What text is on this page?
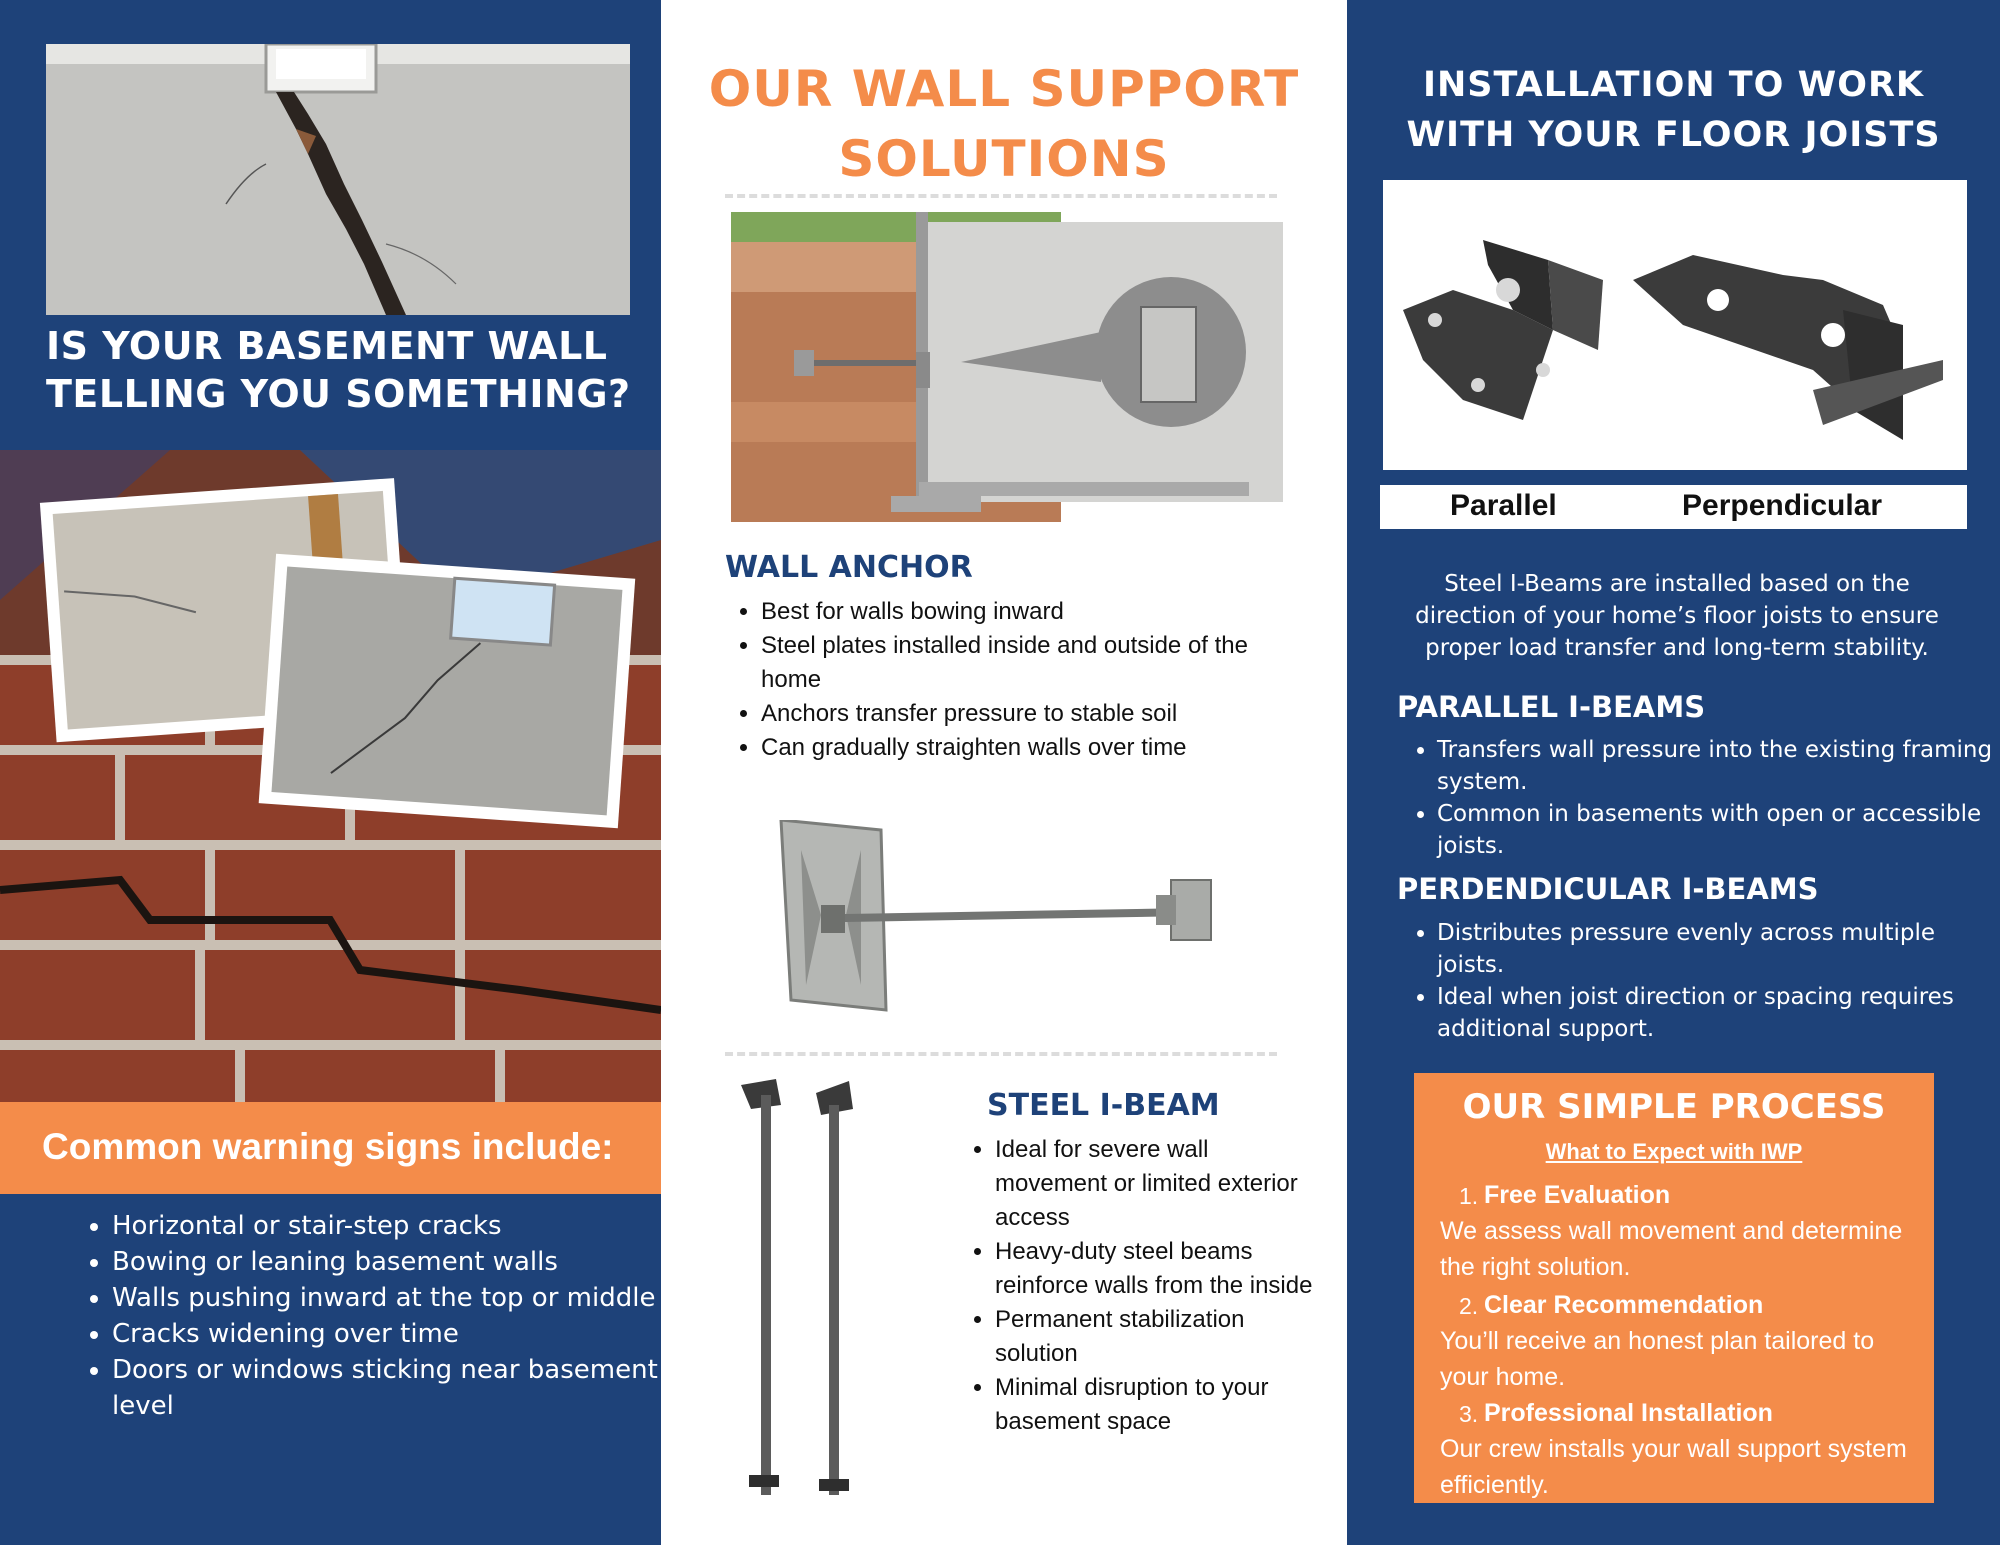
IS YOUR BASEMENT WALL
TELLING YOU SOMETHING?
Common warning signs include:
• Horizontal or stair-step cracks
• Bowing or leaning basement walls
• Walls pushing inward at the top or middle
• Cracks widening over time
• Doors or windows sticking near basement level
OUR WALL SUPPORT
SOLUTIONS
WALL ANCHOR
• Best for walls bowing inward
• Steel plates installed inside and outside of the home
• Anchors transfer pressure to stable soil
• Can gradually straighten walls over time
STEEL I-BEAM
• Ideal for severe wall movement or limited exterior access
• Heavy-duty steel beams reinforce walls from the inside
• Permanent stabilization solution
• Minimal disruption to your basement space
INSTALLATION TO WORK
WITH YOUR FLOOR JOISTS
Parallel	Perpendicular
Steel I-Beams are installed based on the direction of your home’s floor joists to ensure proper load transfer and long-term stability.
PARALLEL I-BEAMS
• Transfers wall pressure into the existing framing system.
• Common in basements with open or accessible joists.
PERDENDICULAR I-BEAMS
• Distributes pressure evenly across multiple joists.
• Ideal when joist direction or spacing requires additional support.
OUR SIMPLE PROCESS
What to Expect with IWP
1. Free Evaluation
We assess wall movement and determine the right solution.
2. Clear Recommendation
You’ll receive an honest plan tailored to your home.
3. Professional Installation
Our crew installs your wall support system efficiently.
